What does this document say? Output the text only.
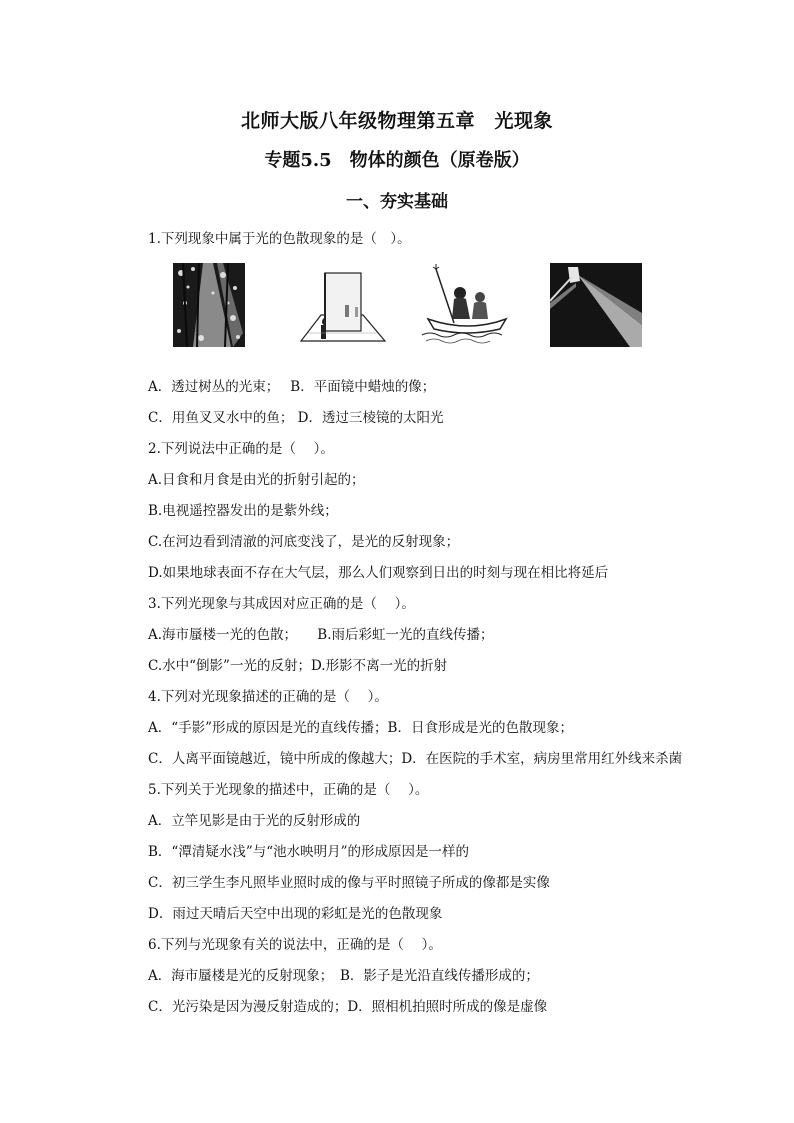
北师大版八年级物理第五章　光现象
专题5.5　物体的颜色（原卷版）
一、夯实基础
1.下列现象中属于光的色散现象的是（　）。
A．透过树丛的光束；　 B．平面镜中蜡烛的像；
C．用鱼叉叉水中的鱼； D．透过三棱镜的太阳光
2.下列说法中正确的是（　 ）。
A.日食和月食是由光的折射引起的；
B.电视遥控器发出的是紫外线；
C.在河边看到清澈的河底变浅了，是光的反射现象；
D.如果地球表面不存在大气层，那么人们观察到日出的时刻与现在相比将延后
3.下列光现象与其成因对应正确的是（　 ）。
A.海市蜃楼一光的色散；　　B.雨后彩虹一光的直线传播；
C.水中“倒影”一光的反射；D.形影不离一光的折射
4.下列对光现象描述的正确的是（　 ）。
A．“手影”形成的原因是光的直线传播；B．日食形成是光的色散现象；
C．人离平面镜越近，镜中所成的像越大；D．在医院的手术室，病房里常用红外线来杀菌
5.下列关于光现象的描述中，正确的是（　 ）。
A．立竿见影是由于光的反射形成的
B．“潭清疑水浅”与“池水映明月”的形成原因是一样的
C．初三学生李凡照毕业照时成的像与平时照镜子所成的像都是实像
D．雨过天晴后天空中出现的彩虹是光的色散现象
6.下列与光现象有关的说法中，正确的是（　 ）。
A．海市蜃楼是光的反射现象；　B．影子是光沿直线传播形成的；
C．光污染是因为漫反射造成的；D．照相机拍照时所成的像是虚像
